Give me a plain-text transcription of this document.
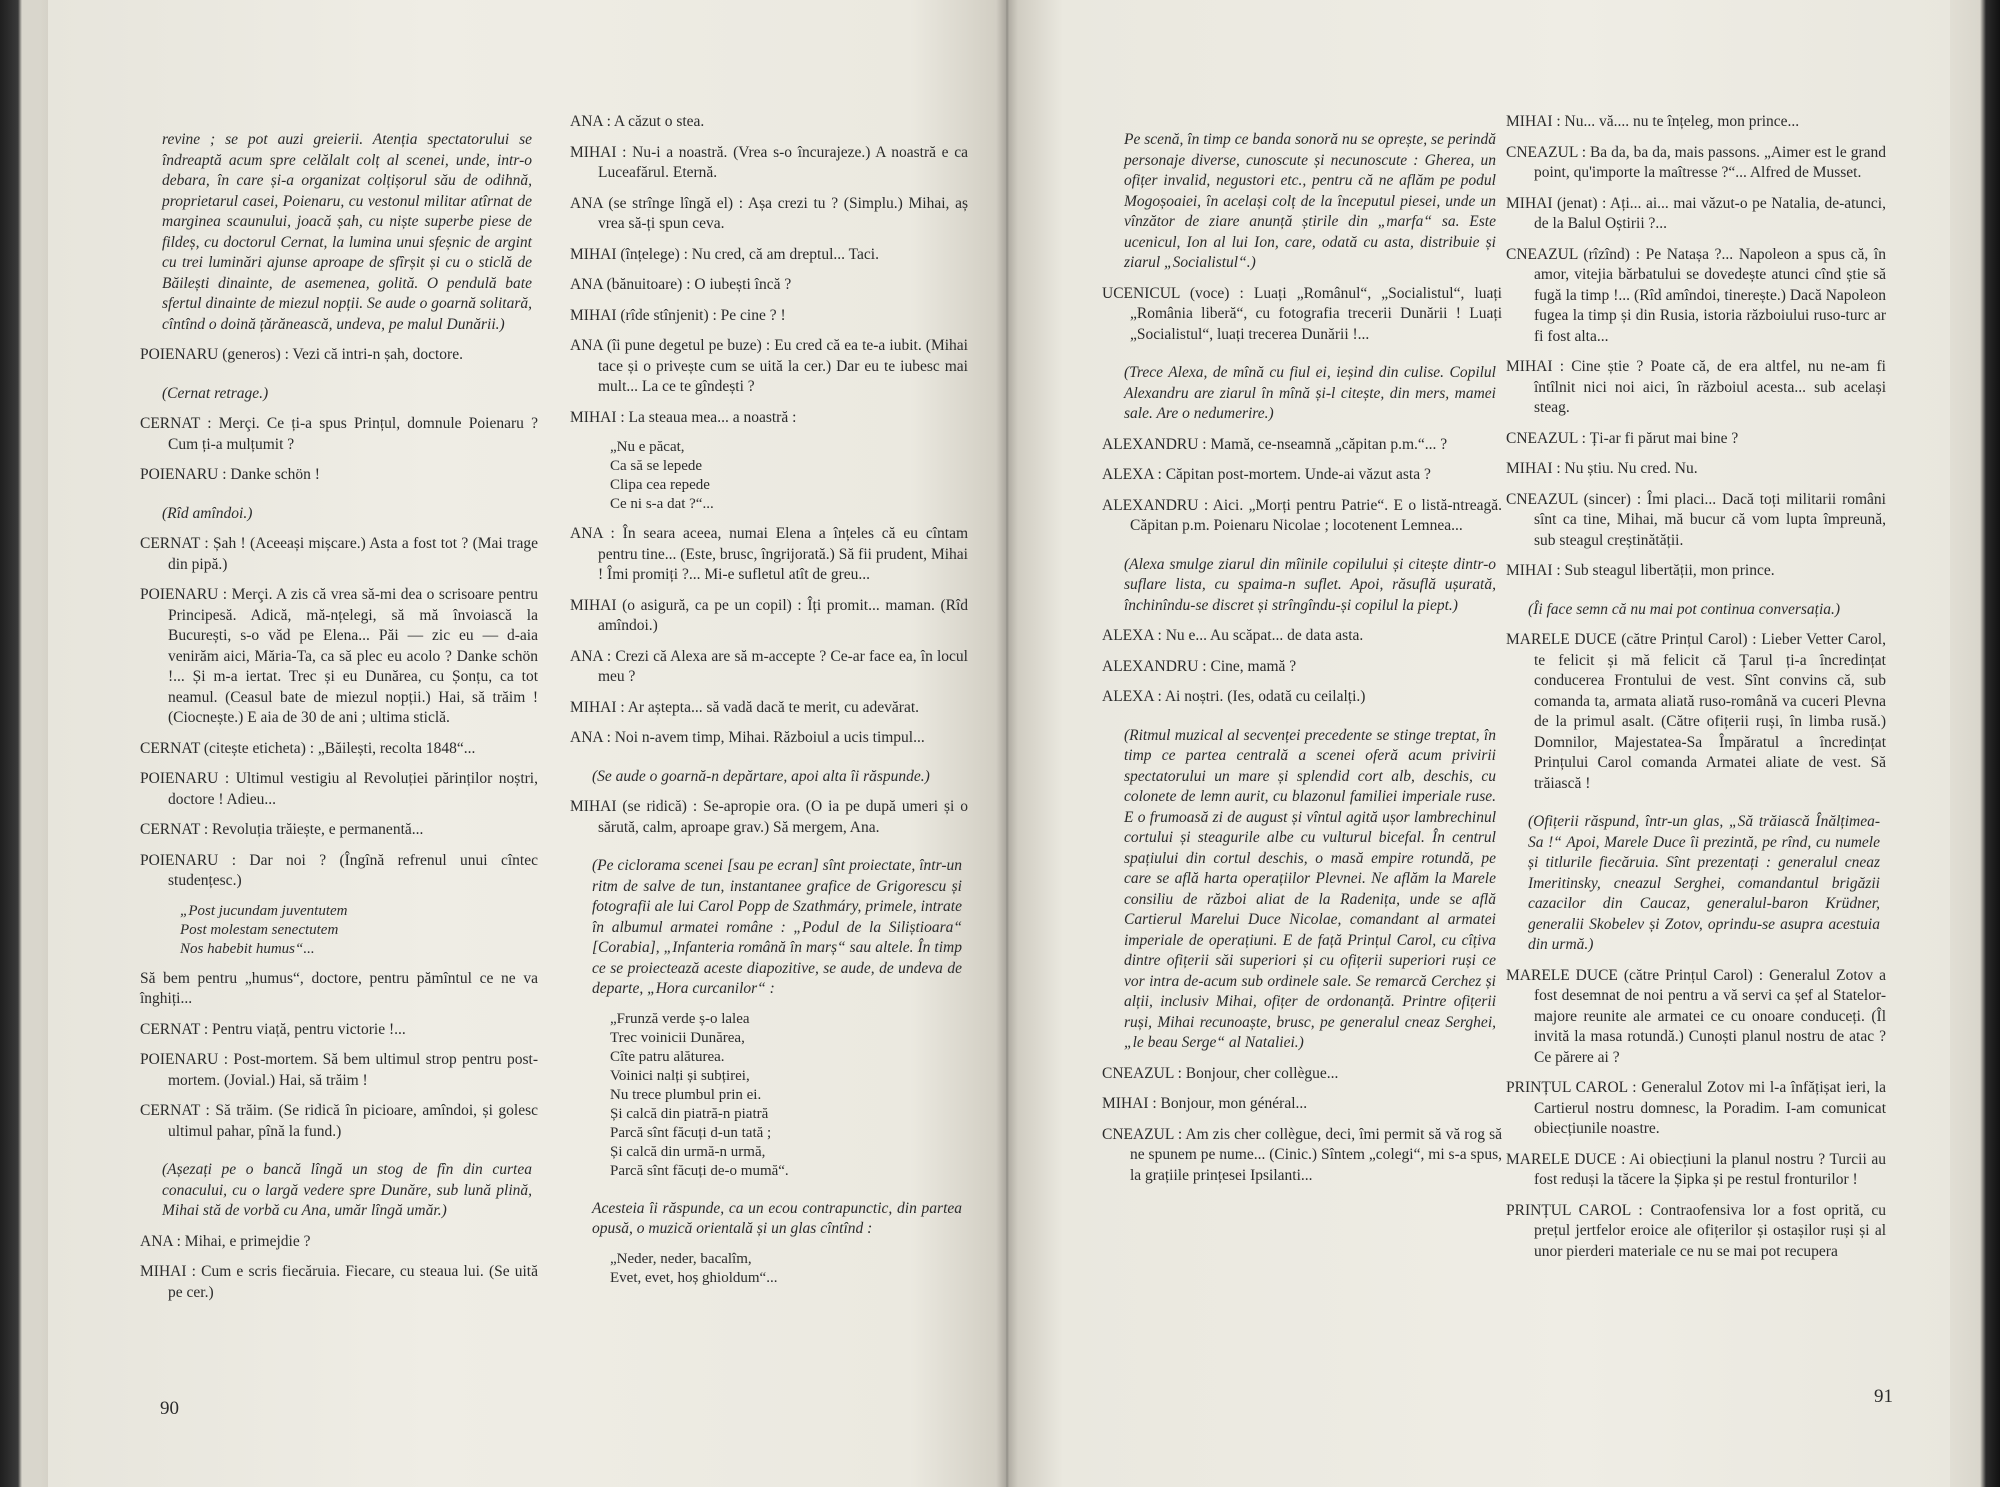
revine ; se pot auzi greierii. Atenția spectatorului se îndreaptă acum spre celălalt colț al scenei, unde, intr-o debara, în care și-a organizat colțișorul său de odihnă, proprietarul casei, Poienaru, cu vestonul militar atîrnat de marginea scaunului, joacă șah, cu niște superbe piese de fildeș, cu doctorul Cernat, la lumina unui sfeșnic de argint cu trei luminări ajunse aproape de sfîrșit și cu o sticlă de Băilești dinainte, de asemenea, golită. O pendulă bate sfertul dinainte de miezul nopții. Se aude o goarnă solitară, cîntînd o doină țărănească, undeva, pe malul Dunării.)

POIENARU (generos) : Vezi că intri-n șah, doctore.

(Cernat retrage.)

CERNAT : Merçi. Ce ți-a spus Prințul, domnule Poienaru ? Cum ți-a mulțumit ?

POIENARU : Danke schön !

(Rîd amîndoi.)

CERNAT : Șah ! (Aceeași mișcare.) Asta a fost tot ? (Mai trage din pipă.)

POIENARU : Merçi. A zis că vrea să-mi dea o scrisoare pentru Principesă. Adică, mă-nțelegi, să mă învoiască la București, s-o văd pe Elena... Păi — zic eu — d-aia venirăm aici, Măria-Ta, ca să plec eu acolo ? Danke schön !... Și m-a iertat. Trec și eu Dunărea, cu Șonțu, ca tot neamul. (Ceasul bate de miezul nopții.) Hai, să trăim ! (Ciocnește.) E aia de 30 de ani ; ultima sticlă.

CERNAT (citește eticheta) : „Băilești, recolta 1848“...

POIENARU : Ultimul vestigiu al Revoluției părinților noștri, doctore ! Adieu...

CERNAT : Revoluția trăiește, e permanentă...

POIENARU : Dar noi ? (Îngînă refrenul unui cîntec studențesc.)

„Post jucundam juventutem
Post molestam senectutem
Nos habebit humus“...

Să bem pentru „humus“, doctore, pentru pămîntul ce ne va înghiți...

CERNAT : Pentru viață, pentru victorie !...

POIENARU : Post-mortem. Să bem ultimul strop pentru post-mortem. (Jovial.) Hai, să trăim !

CERNAT : Să trăim. (Se ridică în picioare, amîndoi, și golesc ultimul pahar, pînă la fund.)

(Așezați pe o bancă lîngă un stog de fîn din curtea conacului, cu o largă vedere spre Dunăre, sub lună plină, Mihai stă de vorbă cu Ana, umăr lîngă umăr.)

ANA : Mihai, e primejdie ?

MIHAI : Cum e scris fiecăruia. Fiecare, cu steaua lui. (Se uită pe cer.)

ANA : A căzut o stea.

MIHAI : Nu-i a noastră. (Vrea s-o încurajeze.) A noastră e ca Luceafărul. Eternă.

ANA (se strînge lîngă el) : Așa crezi tu ? (Simplu.) Mihai, aș vrea să-ți spun ceva.

MIHAI (înțelege) : Nu cred, că am dreptul... Taci.

ANA (bănuitoare) : O iubești încă ?

MIHAI (rîde stînjenit) : Pe cine ? !

ANA (îi pune degetul pe buze) : Eu cred că ea te-a iubit. (Mihai tace și o privește cum se uită la cer.) Dar eu te iubesc mai mult... La ce te gîndești ?

MIHAI : La steaua mea... a noastră :

„Nu e păcat,
Ca să se lepede
Clipa cea repede
Ce ni s-a dat ?“...

ANA : În seara aceea, numai Elena a înțeles că eu cîntam pentru tine... (Este, brusc, îngrijorată.) Să fii prudent, Mihai ! Îmi promiți ?... Mi-e sufletul atît de greu...

MIHAI (o asigură, ca pe un copil) : Îți promit... maman. (Rîd amîndoi.)

ANA : Crezi că Alexa are să m-accepte ? Ce-ar face ea, în locul meu ?

MIHAI : Ar aștepta... să vadă dacă te merit, cu adevărat.

ANA : Noi n-avem timp, Mihai. Războiul a ucis timpul...

(Se aude o goarnă-n depărtare, apoi alta îi răspunde.)

MIHAI (se ridică) : Se-apropie ora. (O ia pe după umeri și o sărută, calm, aproape grav.) Să mergem, Ana.

(Pe ciclorama scenei [sau pe ecran] sînt proiectate, într-un ritm de salve de tun, instantanee grafice de Grigorescu și fotografii ale lui Carol Popp de Szathmáry, primele, intrate în albumul armatei române : „Podul de la Siliștioara“ [Corabia], „Infanteria română în marș“ sau altele. În timp ce se proiectează aceste diapozitive, se aude, de undeva de departe, „Hora curcanilor“ :

„Frunză verde ș-o lalea
Trec voinicii Dunărea,
Cîte patru alăturea.
Voinici nalți și subțirei,
Nu trece plumbul prin ei.
Și calcă din piatră-n piatră
Parcă sînt făcuți d-un tată ;
Și calcă din urmă-n urmă,
Parcă sînt făcuți de-o mumă“.

Acesteia îi răspunde, ca un ecou contrapunctic, din partea opusă, o muzică orientală și un glas cîntînd :

„Neder, neder, bacalîm,
Evet, evet, hoș ghioldum“...
90

Pe scenă, în timp ce banda sonoră nu se oprește, se perindă personaje diverse, cunoscute și necunoscute : Gherea, un ofițer invalid, negustori etc., pentru că ne aflăm pe podul Mogoșoaiei, în același colț de la începutul piesei, unde un vînzător de ziare anunță știrile din „marfa“ sa. Este ucenicul, Ion al lui Ion, care, odată cu asta, distribuie și ziarul „Socialistul“.)

UCENICUL (voce) : Luați „Românul“, „Socialistul“, luați „România liberă“, cu fotografia trecerii Dunării ! Luați „Socialistul“, luați trecerea Dunării !...

(Trece Alexa, de mînă cu fiul ei, ieșind din culise. Copilul Alexandru are ziarul în mînă și-l citește, din mers, mamei sale. Are o nedumerire.)

ALEXANDRU : Mamă, ce-nseamnă „căpitan p.m.“... ?

ALEXA : Căpitan post-mortem. Unde-ai văzut asta ?

ALEXANDRU : Aici. „Morți pentru Patrie“. E o listă-ntreagă. Căpitan p.m. Poienaru Nicolae ; locotenent Lemnea...

(Alexa smulge ziarul din mîinile copilului și citește dintr-o suflare lista, cu spaima-n suflet. Apoi, răsuflă ușurată, închinîndu-se discret și strîngîndu-și copilul la piept.)

ALEXA : Nu e... Au scăpat... de data asta.

ALEXANDRU : Cine, mamă ?

ALEXA : Ai noștri. (Ies, odată cu ceilalți.)

(Ritmul muzical al secvenței precedente se stinge treptat, în timp ce partea centrală a scenei oferă acum privirii spectatorului un mare și splendid cort alb, deschis, cu colonete de lemn aurit, cu blazonul familiei imperiale ruse. E o frumoasă zi de august și vîntul agită ușor lambrechinul cortului și steagurile albe cu vulturul bicefal. În centrul spațiului din cortul deschis, o masă empire rotundă, pe care se află harta operațiilor Plevnei. Ne aflăm la Marele consiliu de război aliat de la Radenița, unde se află Cartierul Marelui Duce Nicolae, comandant al armatei imperiale de operațiuni. E de față Prințul Carol, cu cîțiva dintre ofițerii săi superiori și cu ofițerii superiori ruși ce vor intra de-acum sub ordinele sale. Se remarcă Cerchez și alții, inclusiv Mihai, ofițer de ordonanță. Printre ofițerii ruși, Mihai recunoaște, brusc, pe generalul cneaz Serghei, „le beau Serge“ al Nataliei.)

CNEAZUL : Bonjour, cher collègue...

MIHAI : Bonjour, mon général...

CNEAZUL : Am zis cher collègue, deci, îmi permit să vă rog să ne spunem pe nume... (Cinic.) Sîntem „colegi“, mi s-a spus, la grațiile prințesei Ipsilanti...

MIHAI : Nu... vă.... nu te înțeleg, mon prince...

CNEAZUL : Ba da, ba da, mais passons. „Aimer est le grand point, qu'importe la maîtresse ?“... Alfred de Musset.

MIHAI (jenat) : Ați... ai... mai văzut-o pe Natalia, de-atunci, de la Balul Oștirii ?...

CNEAZUL (rîzînd) : Pe Natașa ?... Napoleon a spus că, în amor, vitejia bărbatului se dovedește atunci cînd știe să fugă la timp !... (Rîd amîndoi, tinerește.) Dacă Napoleon fugea la timp și din Rusia, istoria războiului ruso-turc ar fi fost alta...

MIHAI : Cine știe ? Poate că, de era altfel, nu ne-am fi întîlnit nici noi aici, în războiul acesta... sub același steag.

CNEAZUL : Ți-ar fi părut mai bine ?

MIHAI : Nu știu. Nu cred. Nu.

CNEAZUL (sincer) : Îmi placi... Dacă toți militarii români sînt ca tine, Mihai, mă bucur că vom lupta împreună, sub steagul creștinătății.

MIHAI : Sub steagul libertății, mon prince.

(Îi face semn că nu mai pot continua conversația.)

MARELE DUCE (către Prințul Carol) : Lieber Vetter Carol, te felicit și mă felicit că Țarul ți-a încredințat conducerea Frontului de vest. Sînt convins că, sub comanda ta, armata aliată ruso-română va cuceri Plevna de la primul asalt. (Către ofițerii ruși, în limba rusă.) Domnilor, Majestatea-Sa Împăratul a încredințat Prințului Carol comanda Armatei aliate de vest. Să trăiască !

(Ofițerii răspund, într-un glas, „Să trăiască Înălțimea-Sa !“ Apoi, Marele Duce îi prezintă, pe rînd, cu numele și titlurile fiecăruia. Sînt prezentați : generalul cneaz Imeritinsky, cneazul Serghei, comandantul brigăzii cazacilor din Caucaz, generalul-baron Krüdner, generalii Skobelev și Zotov, oprindu-se asupra acestuia din urmă.)

MARELE DUCE (către Prințul Carol) : Generalul Zotov a fost desemnat de noi pentru a vă servi ca șef al Statelor-majore reunite ale armatei ce cu onoare conduceți. (Îl invită la masa rotundă.) Cunoști planul nostru de atac ? Ce părere ai ?

PRINȚUL CAROL : Generalul Zotov mi l-a înfățișat ieri, la Cartierul nostru domnesc, la Poradim. I-am comunicat obiecțiunile noastre.

MARELE DUCE : Ai obiecțiuni la planul nostru ? Turcii au fost reduși la tăcere la Șipka și pe restul fronturilor !

PRINȚUL CAROL : Contraofensiva lor a fost oprită, cu prețul jertfelor eroice ale ofițerilor și ostașilor ruși și al unor pierderi materiale ce nu se mai pot recupera

91
